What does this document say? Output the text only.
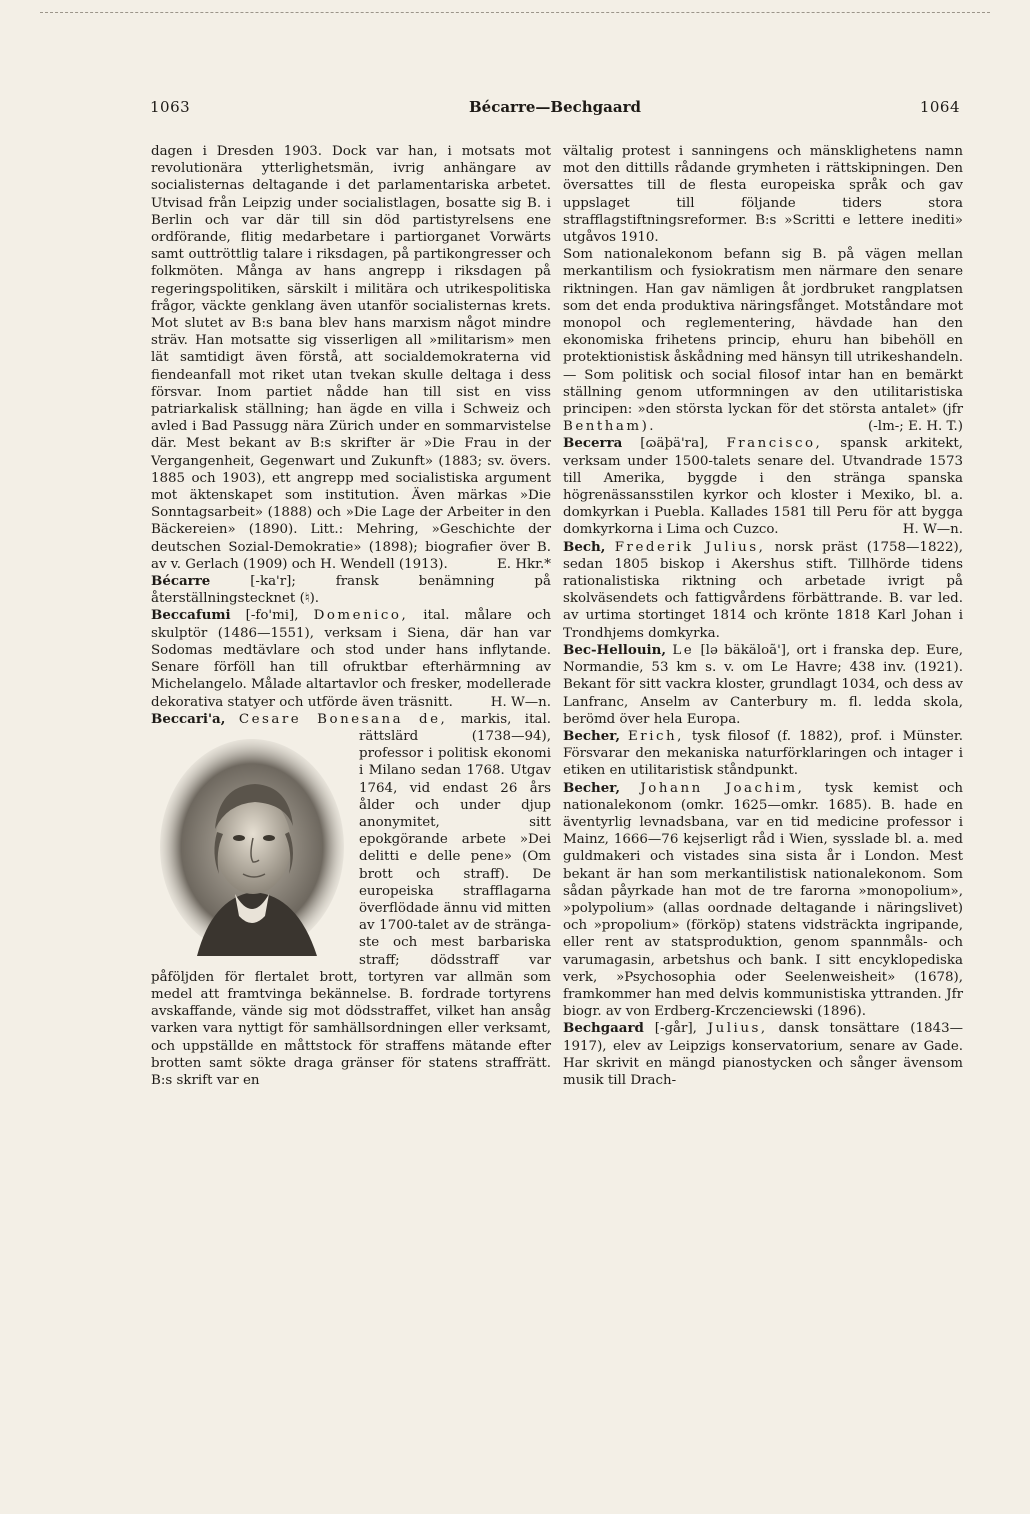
1063	Bécarre—Bechgaard	1064

dagen i Dresden 1903. Dock var han, i motsats mot revolutionära ytterlighetsmän, ivrig anhängare av socialisternas deltagande i det parlamentariska arbetet. Utvisad från Leipzig under socialistlagen, bosatte sig B. i Berlin och var där till sin död partistyrelsens ene ordförande, flitig medarbetare i partiorganet Vorwärts samt outtröttlig talare i riksdagen, på partikongresser och folkmöten. Många av hans angrepp i riksdagen på regeringspolitiken, särskilt i militära och utrikespolitiska frågor, väckte genklang även utanför socialisternas krets. Mot slutet av B:s bana blev hans marxism något mindre sträv. Han motsatte sig visserligen all »militarism» men lät samtidigt även förstå, att socialdemokraterna vid fiendeanfall mot riket utan tvekan skulle deltaga i dess försvar. Inom partiet nådde han till sist en viss patriarkalisk ställning; han ägde en villa i Schweiz och avled i Bad Passugg nära Zürich under en sommarvistelse där. Mest bekant av B:s skrifter är »Die Frau in der Vergangenheit, Gegenwart und Zukunft» (1883; sv. övers. 1885 och 1903), ett angrepp med socialistiska argument mot äktenskapet som institution. Även märkas »Die Sonntagsarbeit» (1888) och »Die Lage der Arbeiter in den Bäckereien» (1890). Litt.: Mehring, »Geschichte der deutschen Sozial-Demokratie» (1898); biografier över B. av v. Gerlach (1909) och H. Wendell (1913).	E. Hkr.*

Bécarre	[-ka'r]; fransk benämning på återställningstecknet (♮).

Beccafumi [-fo'mi], Domenico, ital. målare och skulptör (1486—1551), verksam i Siena, där han var Sodomas medtävlare och stod under hans inflytande. Senare förföll han till ofruktbar efterhärmning av Michelangelo. Målade altartavlor och fresker, modellerade dekorativa statyer och utförde även träsnitt.	H. W—n.

Beccari'a, Cesare Bonesana de, markis, ital. rättslärd (1738—94), professor i politisk ekonomi i Milano sedan 1768. Utgav 1764, vid endast 26 års ålder och under djup anonymitet, sitt epokgörande arbete »Dei delitti e delle pene» (Om brott och straff). De europeiska strafflagarna överflödade ännu vid mitten av 1700-talet av de stränga-ste och mest barbariska straff; dödsstraff var påföljden för flertalet brott, tortyren var allmän som medel att framtvinga bekännelse. B. fordrade tortyrens avskaffande, vände sig mot dödsstraffet, vilket han ansåg varken vara nyttigt för samhällsordningen eller verksamt, och uppställde en måttstock för straffens mätande efter brotten samt sökte draga gränser för statens straffrätt. B:s skrift var en

vältalig protest i sanningens och mänsklighetens namn mot den dittills rådande grymheten i rättskipningen. Den översattes till de flesta europeiska språk och gav uppslaget till följande tiders stora strafflagstiftningsreformer. B:s »Scritti e lettere inediti» utgåvos 1910.

Som nationalekonom befann sig B. på vägen mellan merkantilism och fysiokratism men närmare den senare riktningen. Han gav nämligen åt jordbruket rangplatsen som det enda produktiva näringsfånget. Motståndare mot monopol och reglementering, hävdade han den ekonomiska frihetens princip, ehuru han bibehöll en protektionistisk åskådning med hänsyn till utrikeshandeln. — Som politisk och social filosof intar han en bemärkt ställning genom utformningen av den utilitaristiska principen: »den största lyckan för det största antalet» (jfr Bentham).	(-lm-; E. H. T.)

Becerra [ɷäþä'ra], Francisco, spansk arkitekt, verksam under 1500-talets senare del. Utvandrade 1573 till Amerika, byggde i den stränga spanska högrenässansstilen kyrkor och kloster i Mexiko, bl. a. domkyrkan i Puebla. Kallades 1581 till Peru för att bygga domkyrkorna i Lima och Cuzco.	H. W—n.

Bech, Frederik Julius, norsk präst (1758—1822), sedan 1805 biskop i Akershus stift. Tillhörde tidens rationalistiska riktning och arbetade ivrigt på skolväsendets och fattigvårdens förbättrande. B. var led. av urtima stortinget 1814 och krönte 1818 Karl Johan i Trondhjems domkyrka.

Bec-Hellouin, Le [lə bäkäloã'], ort i franska dep. Eure, Normandie, 53 km s. v. om Le Havre; 438 inv. (1921). Bekant för sitt vackra kloster, grundlagt 1034, och dess av Lanfranc, Anselm av Canterbury m. fl. ledda skola, berömd över hela Europa.

Becher, Erich, tysk filosof (f. 1882), prof. i Münster. Försvarar den mekaniska naturförklaringen och intager i etiken en utilitaristisk ståndpunkt.

Becher, Johann Joachim, tysk kemist och nationalekonom (omkr. 1625—omkr. 1685). B. hade en äventyrlig levnadsbana, var en tid medicine professor i Mainz, 1666—76 kejserligt råd i Wien, sysslade bl. a. med guldmakeri och vistades sina sista år i London. Mest bekant är han som merkantilistisk nationalekonom. Som sådan påyrkade han mot de tre farorna »monopolium», »polypolium» (allas oordnade deltagande i näringslivet) och »propolium» (förköp) statens vidsträckta ingripande, eller rent av statsproduktion, genom spannmåls- och varumagasin, arbetshus och bank. I sitt encyklopediska verk, »Psychosophia oder Seelenweisheit» (1678), framkommer han med delvis kommunistiska yttranden. Jfr biogr. av von Erdberg-Krczenciewski (1896).

Bechgaard [-går], Julius, dansk tonsättare (1843—1917), elev av Leipzigs konservatorium, senare av Gade. Har skrivit en mängd pianostycken och sånger ävensom musik till Drach-
